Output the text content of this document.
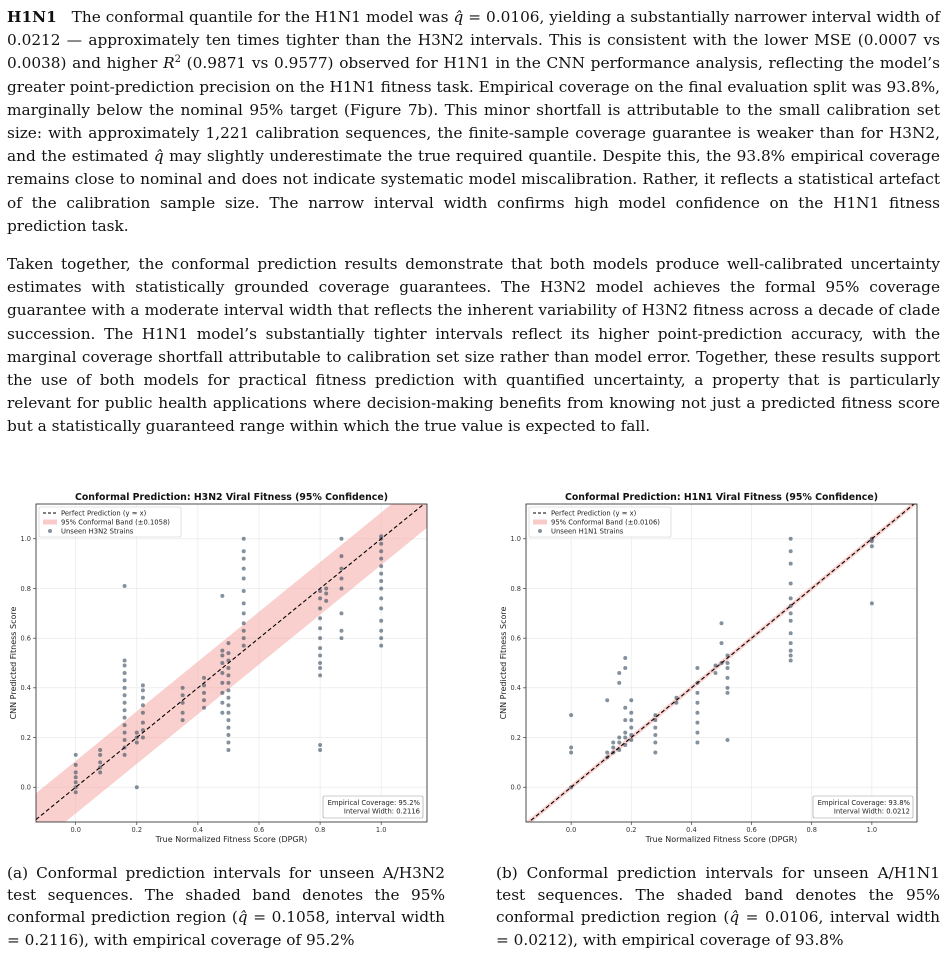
H1N1 The conformal quantile for the H1N1 model was q̂ = 0.0106, yielding a substantially narrower interval width of 0.0212 — approximately ten times tighter than the H3N2 intervals. This is consistent with the lower MSE (0.0007 vs 0.0038) and higher $R^2$ (0.9871 vs 0.9577) observed for H1N1 in the CNN performance analysis, reflecting the model’s greater point-prediction precision on the H1N1 fitness task. Empirical coverage on the final evaluation split was 93.8%, marginally below the nominal 95% target (Figure 7b). This minor shortfall is attributable to the small calibration set size: with approximately 1,221 calibration sequences, the finite-sample coverage guarantee is weaker than for H3N2, and the estimated q̂ may slightly underestimate the true required quantile. Despite this, the 93.8% empirical coverage remains close to nominal and does not indicate systematic model miscalibration. Rather, it reflects a statistical artefact of the calibration sample size. The narrow interval width confirms high model confidence on the H1N1 fitness prediction task.

Taken together, the conformal prediction results demonstrate that both models produce well-calibrated uncertainty estimates with statistically grounded coverage guarantees. The H3N2 model achieves the formal 95% coverage guarantee with a moderate interval width that reflects the inherent variability of H3N2 fitness across a decade of clade succession. The H1N1 model’s substantially tighter intervals reflect its higher point-prediction accuracy, with the marginal coverage shortfall attributable to calibration set size rather than model error. Together, these results support the use of both models for practical fitness prediction with quantified uncertainty, a property that is particularly relevant for public health applications where decision-making benefits from knowing not just a predicted fitness score but a statistically guaranteed range within which the true value is expected to fall.

Conformal Prediction: H3N2 Viral Fitness (95% Confidence)
0.0	0.2	0.4	0.6	0.8	1.0
0.0
0.2
0.4
0.6
0.8
1.0
True Normalized Fitness Score (DPGR)
CNN Predicted Fitness Score
Perfect Prediction (y = x)
95% Conformal Band (±0.1058)
Unseen H3N2 Strains
Empirical Coverage: 95.2%
Interval Width: 0.2116
Conformal Prediction: H1N1 Viral Fitness (95% Confidence)
0.0	0.2	0.4	0.6	0.8	1.0
0.0
0.2
0.4
0.6
0.8
1.0
True Normalized Fitness Score (DPGR)
CNN Predicted Fitness Score
Perfect Prediction (y = x)
95% Conformal Band (±0.0106)
Unseen H1N1 Strains
Empirical Coverage: 93.8%
Interval Width: 0.0212

(a) Conformal prediction intervals for unseen A/H3N2 test sequences. The shaded band denotes the 95% conformal prediction region (q̂ = 0.1058, interval width = 0.2116), with empirical coverage of 95.2%

(b) Conformal prediction intervals for unseen A/H1N1 test sequences. The shaded band denotes the 95% conformal prediction region (q̂ = 0.0106, interval width = 0.0212), with empirical coverage of 93.8%
